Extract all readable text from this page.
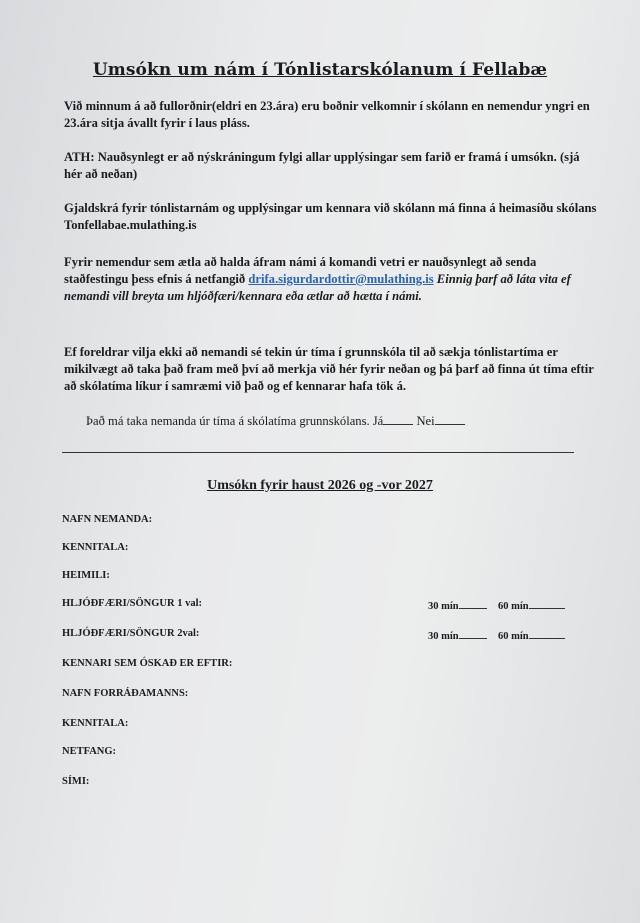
Umsókn um nám í Tónlistarskólanum í Fellabæ
Við minnum á að fullorðnir(eldri en 23.ára) eru boðnir velkomnir í skólann en nemendur yngri en 23.ára sitja ávallt fyrir í laus pláss.
ATH: Nauðsynlegt er að nýskráningum fylgi allar upplýsingar sem farið er framá í umsókn. (sjá hér að neðan)
Gjaldskrá fyrir tónlistarnám og upplýsingar um kennara við skólann má finna á heimasíðu skólans Tonfellabae.mulathing.is
Fyrir nemendur sem ætla að halda áfram námi á komandi vetri er nauðsynlegt að senda staðfestingu þess efnis á netfangið drifa.sigurdardottir@mulathing.is Einnig þarf að láta vita ef nemandi vill breyta um hljóðfæri/kennara eða ætlar að hætta í námi.
Ef foreldrar vilja ekki að nemandi sé tekin úr tíma í grunnskóla til að sækja tónlistartíma er mikilvægt að taka það fram með því að merkja við hér fyrir neðan og þá þarf að finna út tíma eftir að skólatíma líkur í samræmi við það og ef kennarar hafa tök á.
Það má taka nemanda úr tíma á skólatíma grunnskólans. Já	Nei
Umsókn fyrir haust 2026 og -vor 2027
NAFN NEMANDA:
KENNITALA:
HEIMILI:
HLJÓÐFÆRI/SÖNGUR 1 val:	30 mín	60 mín
HLJÓÐFÆRI/SÖNGUR 2val:	30 mín	60 mín
KENNARI SEM ÓSKAÐ ER EFTIR:
NAFN FORRÁÐAMANNS:
KENNITALA:
NETFANG:
SÍMI:
